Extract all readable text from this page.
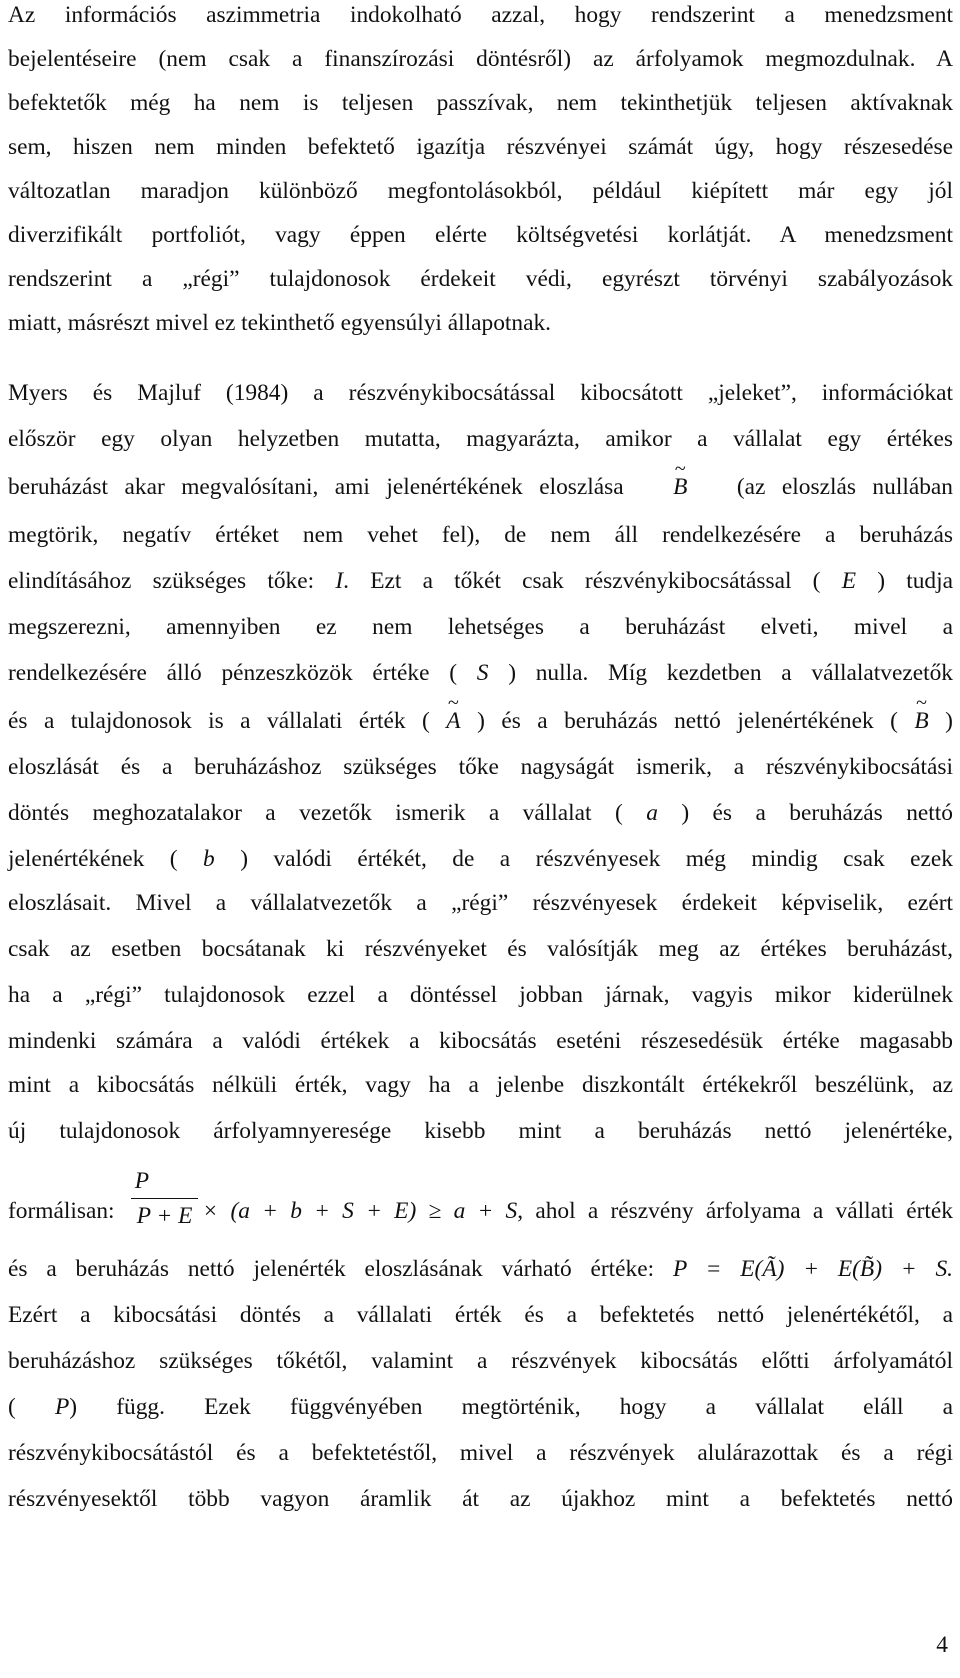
Az információs aszimmetria indokolható azzal, hogy rendszerint a menedzsment
bejelentéseire (nem csak a finanszírozási döntésről) az árfolyamok megmozdulnak. A
befektetők még ha nem is teljesen passzívak, nem tekinthetjük teljesen aktívaknak
sem, hiszen nem minden befektető igazítja részvényei számát úgy, hogy részesedése
változatlan maradjon különböző megfontolásokból, például kiépített már egy jól
diverzifikált portfoliót, vagy éppen elérte költségvetési korlátját. A menedzsment
rendszerint a „régi” tulajdonosok érdekeit védi, egyrészt törvényi szabályozások
miatt, másrészt mivel ez tekinthető egyensúlyi állapotnak.
Myers és Majluf (1984) a részvénykibocsátással kibocsátott „jeleket”, információkat
először egy olyan helyzetben mutatta, magyarázta, amikor a vállalat egy értékes
beruházást akar megvalósítani, ami jelenértékének eloszlása ~ B (az eloszlás nullában
megtörik, negatív értéket nem vehet fel), de nem áll rendelkezésére a beruházás
elindításához szükséges tőke: I. Ezt a tőkét csak részvénykibocsátással ( E ) tudja
megszerezni, amennyiben ez nem lehetséges a beruházást elveti, mivel a
rendelkezésére álló pénzeszközök értéke ( S ) nulla. Míg kezdetben a vállalatvezetők
és a tulajdonosok is a vállalati érték ( ~ A ) és a beruházás nettó jelenértékének ( ~ B )
eloszlását és a beruházáshoz szükséges tőke nagyságát ismerik, a részvénykibocsátási
döntés meghozatalakor a vezetők ismerik a vállalat ( a ) és a beruházás nettó
jelenértékének ( b ) valódi értékét, de a részvényesek még mindig csak ezek
eloszlásait. Mivel a vállalatvezetők a „régi” részvényesek érdekeit képviselik, ezért
csak az esetben bocsátanak ki részvényeket és valósítják meg az értékes beruházást,
ha a „régi” tulajdonosok ezzel a döntéssel jobban járnak, vagyis mikor kiderülnek
mindenki számára a valódi értékek a kibocsátás eseténi részesedésük értéke magasabb
mint a kibocsátás nélküli érték, vagy ha a jelenbe diszkontált értékekről beszélünk, az
új tulajdonosok árfolyamnyeresége kisebb mint a beruházás nettó jelenértéke,
formálisan: $\frac{P}{P + E} \times (a + b + S + E) \ge a + S$, ahol a részvény árfolyama a vállati érték
és a beruházás nettó jelenérték eloszlásának várható értéke: P = E(Ã) + E(B̃) + S.
Ezért a kibocsátási döntés a vállalati érték és a befektetés nettó jelenértékétől, a
beruházáshoz szükséges tőkétől, valamint a részvények kibocsátás előtti árfolyamától
( P) függ. Ezek függvényében megtörténik, hogy a vállalat eláll a
részvénykibocsátástól és a befektetéstől, mivel a részvények alulárazottak és a régi
részvényesektől több vagyon áramlik át az újakhoz mint a befektetés nettó
4
